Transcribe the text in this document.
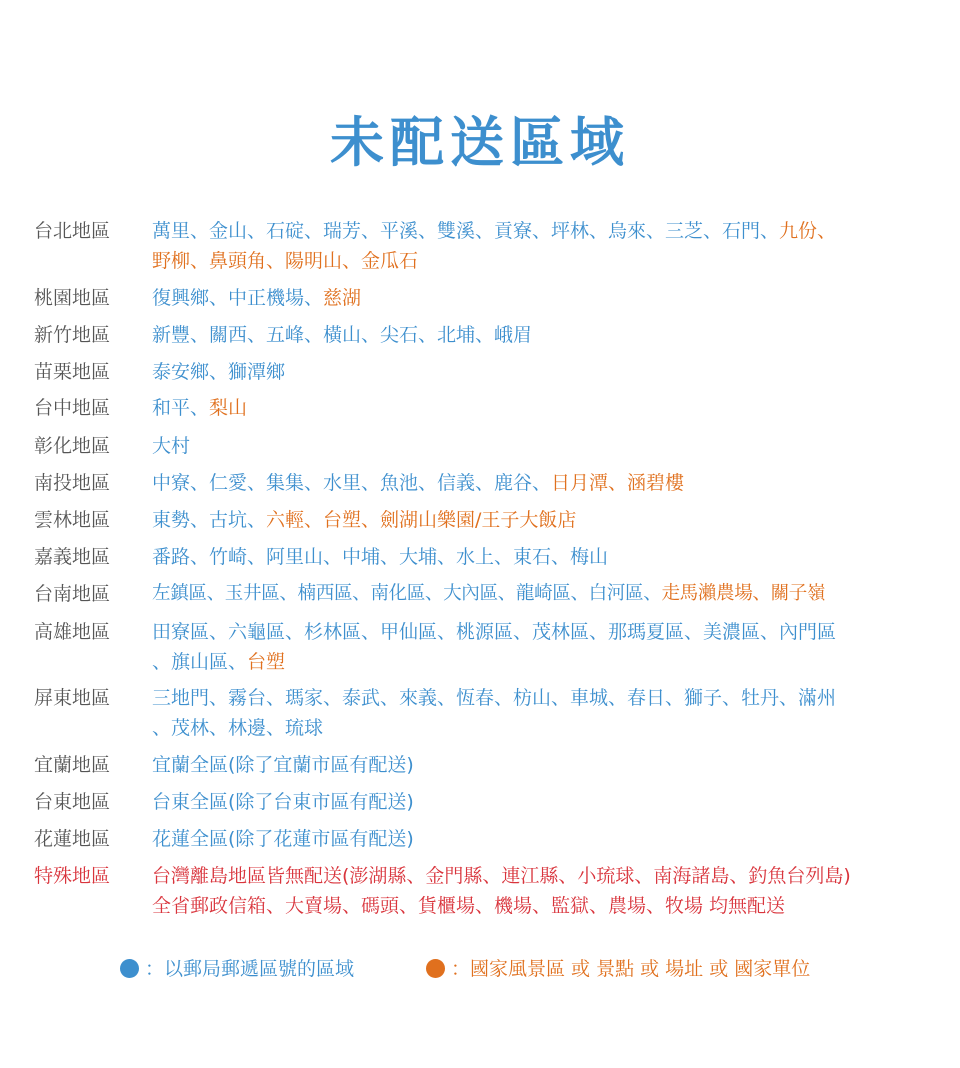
未配送區域
台北地區	萬里、金山、石碇、瑞芳、平溪、雙溪、貢寮、坪林、烏來、三芝、石門、九份、
野柳、鼻頭角、陽明山、金瓜石
桃園地區	復興鄉、中正機場、慈湖
新竹地區	新豐、關西、五峰、橫山、尖石、北埔、峨眉
苗栗地區	泰安鄉、獅潭鄉
台中地區	和平、梨山
彰化地區	大村
南投地區	中寮、仁愛、集集、水里、魚池、信義、鹿谷、日月潭、涵碧樓
雲林地區	東勢、古坑、六輕、台塑、劍湖山樂園/王子大飯店
嘉義地區	番路、竹崎、阿里山、中埔、大埔、水上、東石、梅山
台南地區	左鎮區、玉井區、楠西區、南化區、大內區、龍崎區、白河區、走馬瀨農場、關子嶺
高雄地區	田寮區、六龜區、杉林區、甲仙區、桃源區、茂林區、那瑪夏區、美濃區、內門區
、旗山區、台塑
屏東地區	三地門、霧台、瑪家、泰武、來義、恆春、枋山、車城、春日、獅子、牡丹、滿州
、茂林、林邊、琉球
宜蘭地區	宜蘭全區(除了宜蘭市區有配送)
台東地區	台東全區(除了台東市區有配送)
花蓮地區	花蓮全區(除了花蓮市區有配送)
特殊地區	台灣離島地區皆無配送(澎湖縣、金門縣、連江縣、小琉球、南海諸島、釣魚台列島)
全省郵政信箱、大賣場、碼頭、貨櫃場、機場、監獄、農場、牧場 均無配送
：以郵局郵遞區號的區域	：國家風景區 或 景點 或 場址 或 國家單位
